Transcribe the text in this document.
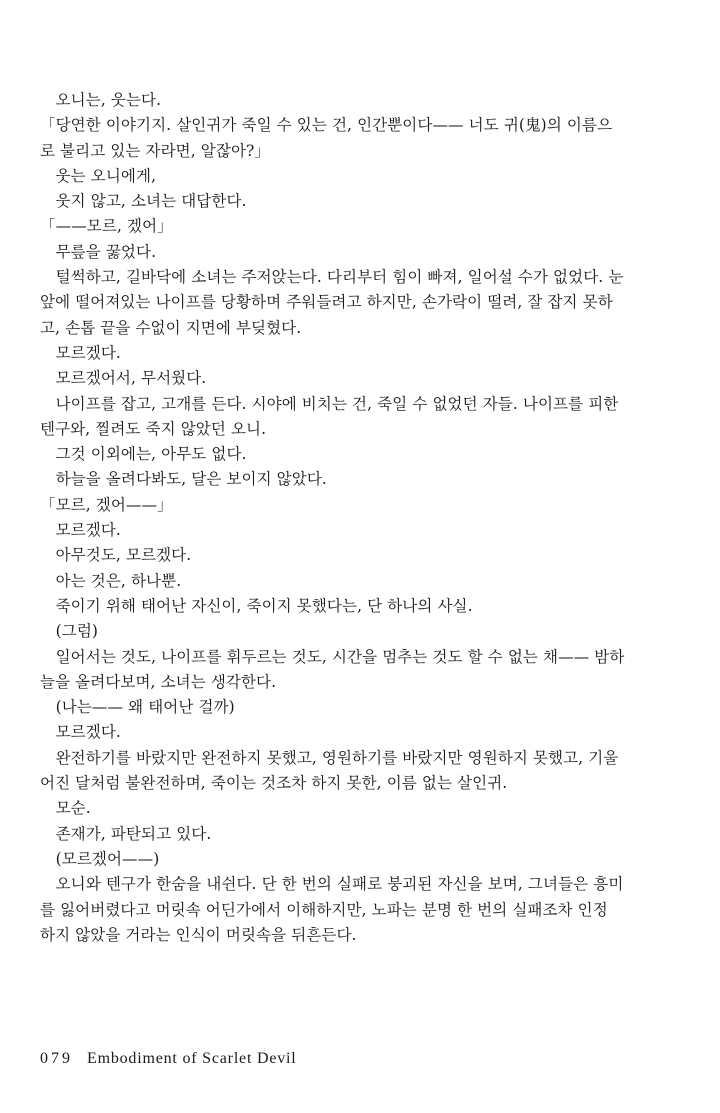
　오니는, 웃는다.
「당연한 이야기지. 살인귀가 죽일 수 있는 건, 인간뿐이다—— 너도 귀(鬼)의 이름으
로 불리고 있는 자라면, 알잖아?」
　웃는 오니에게,
　웃지 않고, 소녀는 대답한다.
「——모르, 겠어」
　무릎을 꿇었다.
　털썩하고, 길바닥에 소녀는 주저앉는다. 다리부터 힘이 빠져, 일어설 수가 없었다. 눈
앞에 떨어져있는 나이프를 당황하며 주워들려고 하지만, 손가락이 떨려, 잘 잡지 못하
고, 손톱 끝을 수없이 지면에 부딪혔다.
　모르겠다.
　모르겠어서, 무서웠다.
　나이프를 잡고, 고개를 든다. 시야에 비치는 건, 죽일 수 없었던 자들. 나이프를 피한
텐구와, 찔려도 죽지 않았던 오니.
　그것 이외에는, 아무도 없다.
　하늘을 올려다봐도, 달은 보이지 않았다.
「모르, 겠어——」
　모르겠다.
　아무것도, 모르겠다.
　아는 것은, 하나뿐.
　죽이기 위해 태어난 자신이, 죽이지 못했다는, 단 하나의 사실.
　(그럼)
　일어서는 것도, 나이프를 휘두르는 것도, 시간을 멈추는 것도 할 수 없는 채—— 밤하
늘을 올려다보며, 소녀는 생각한다.
　(나는—— 왜 태어난 걸까)
　모르겠다.
　완전하기를 바랐지만 완전하지 못했고, 영원하기를 바랐지만 영원하지 못했고, 기울
어진 달처럼 불완전하며, 죽이는 것조차 하지 못한, 이름 없는 살인귀.
　모순.
　존재가, 파탄되고 있다.
　(모르겠어——)
　오니와 텐구가 한숨을 내쉰다. 단 한 번의 실패로 붕괴된 자신을 보며, 그녀들은 흥미
를 잃어버렸다고 머릿속 어딘가에서 이해하지만, 노파는 분명 한 번의 실패조차 인정
하지 않았을 거라는 인식이 머릿속을 뒤흔든다.
079 Embodiment of Scarlet Devil
